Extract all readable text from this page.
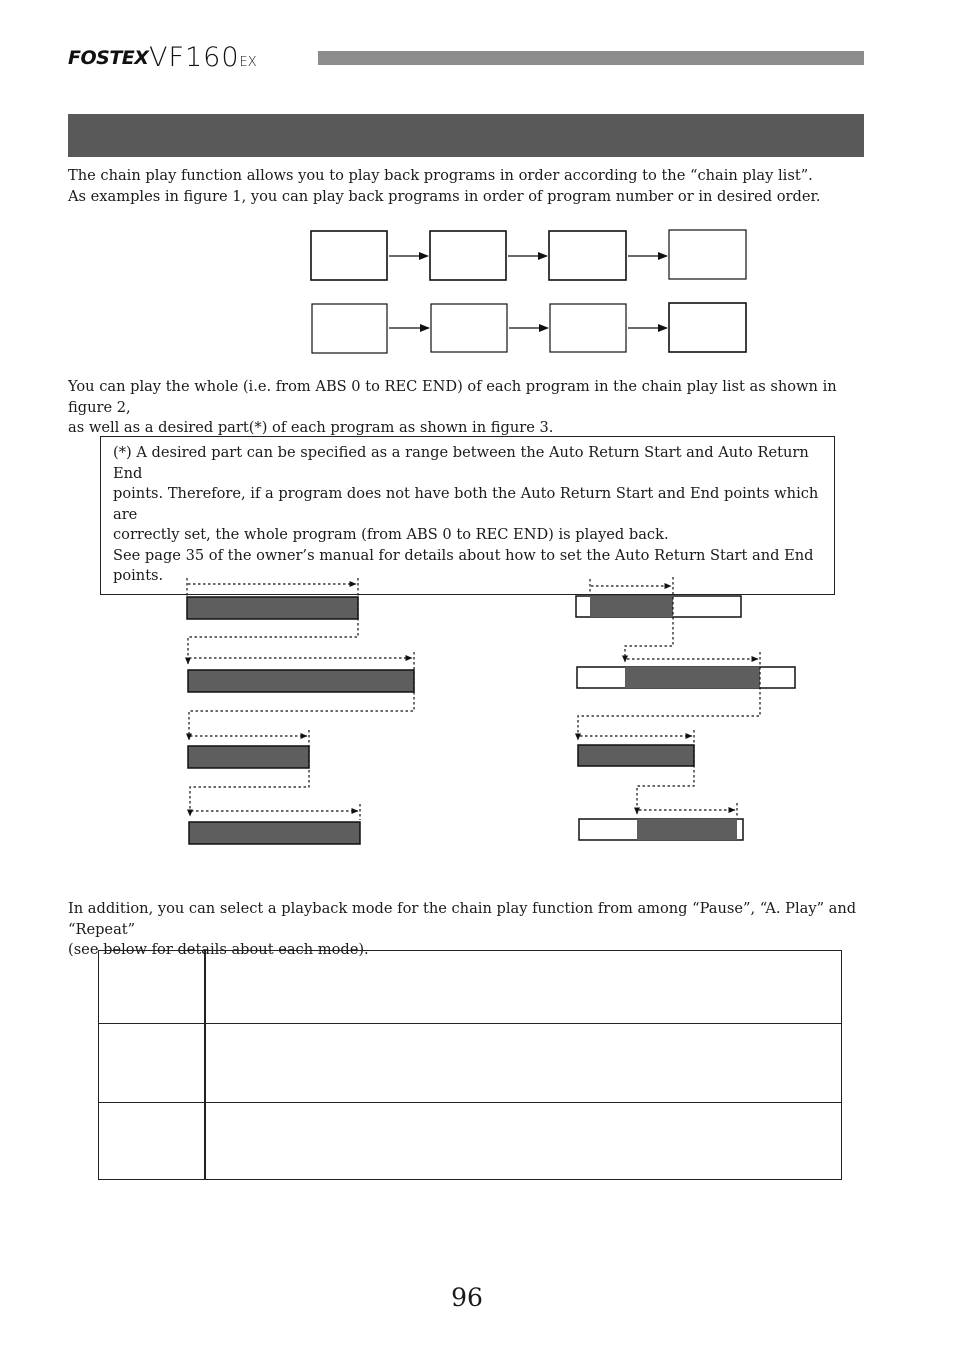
FOSTEX VF160EX
The chain play function allows you to play back programs in order according to the “chain play list”.
As examples in figure 1, you can play back programs in order of program number or in desired order.
You can play the whole (i.e. from ABS 0 to REC END) of each program in the chain play list as shown in figure 2,
as well as a desired part(*) of each program as shown in figure 3.

(*) A desired part can be specified as a range between the Auto Return Start and Auto Return End

points. Therefore, if a program does not have both the Auto Return Start and End points which are

correctly set, the whole program (from ABS 0 to REC END) is played back.

See page 35 of the owner’s manual for details about how to set the Auto Return Start and End points.

In addition, you can select a playback mode for the chain play function from among “Pause”, “A. Play” and “Repeat”
(see below for details about each mode).

96
